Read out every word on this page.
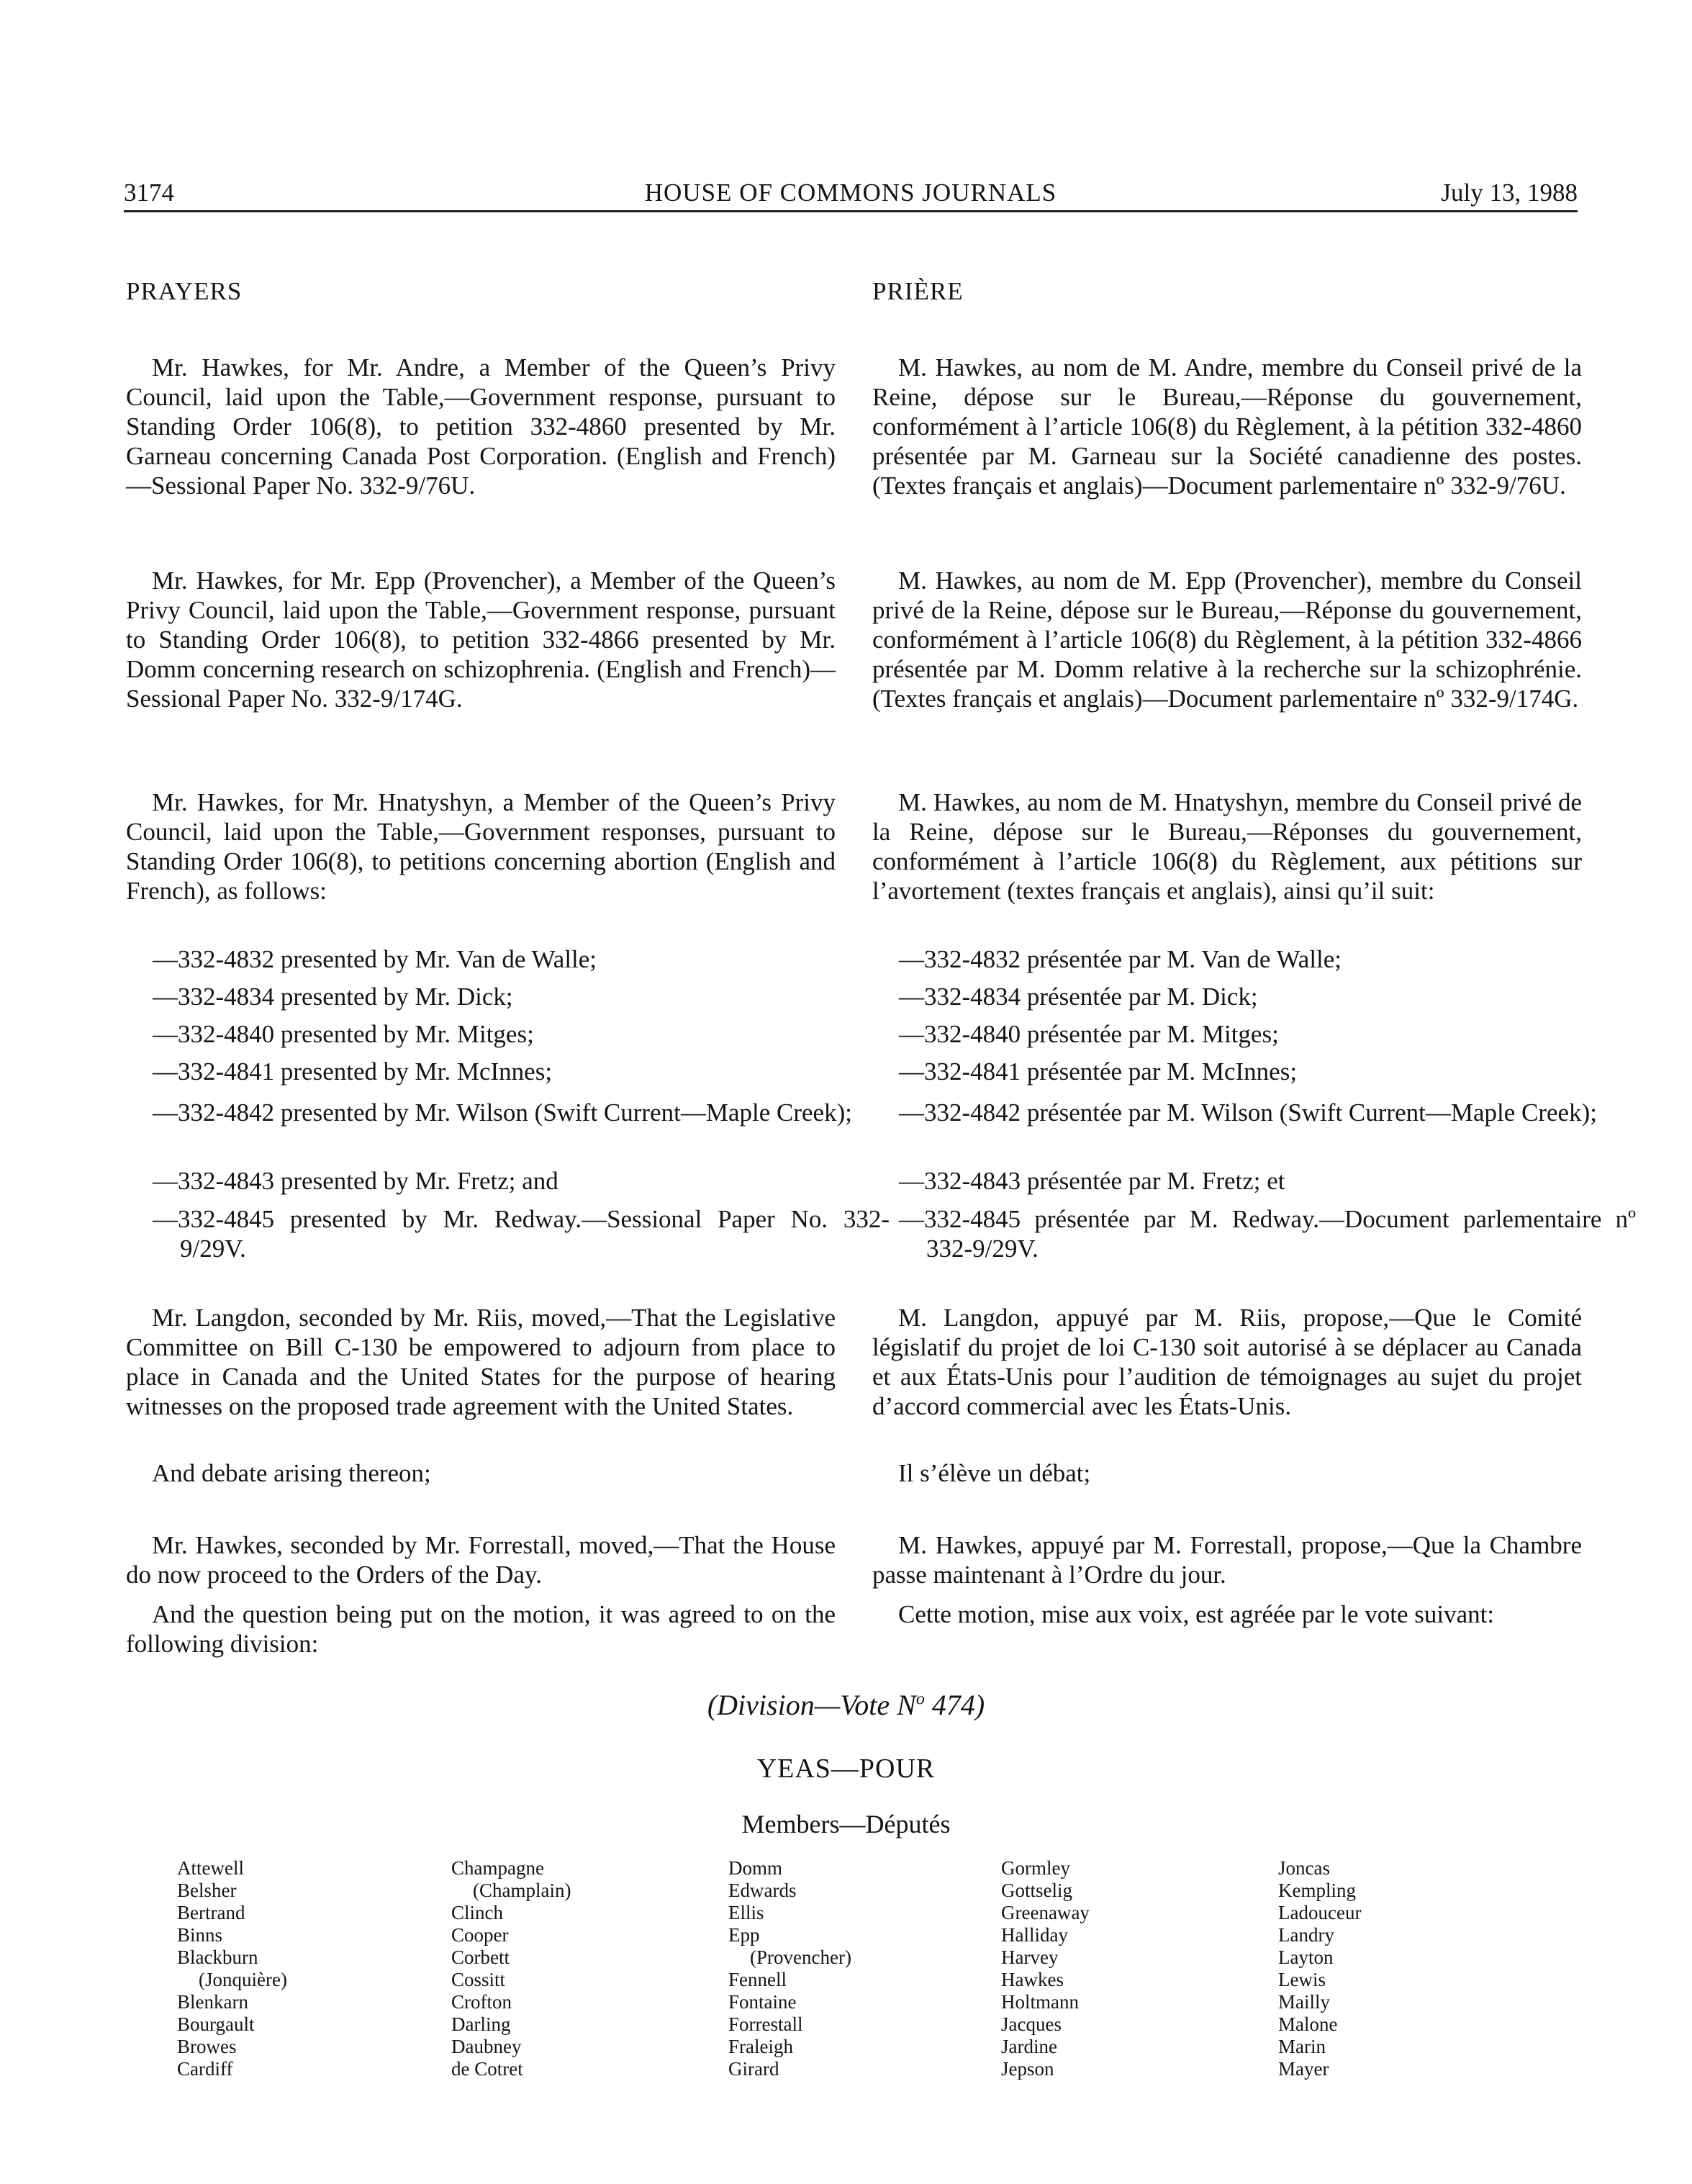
3174	HOUSE OF COMMONS JOURNALS	July 13, 1988
PRAYERS
Mr. Hawkes, for Mr. Andre, a Member of the Queen’s Privy Council, laid upon the Table,—Government response, pursuant to Standing Order 106(8), to petition 332-4860 presented by Mr. Garneau concerning Canada Post Corporation. (English and French)—Sessional Paper No. 332-9/76U.
Mr. Hawkes, for Mr. Epp (Provencher), a Member of the Queen’s Privy Council, laid upon the Table,—Government response, pursuant to Standing Order 106(8), to petition 332-4866 presented by Mr. Domm concerning research on schizophrenia. (English and French)—Sessional Paper No. 332-9/174G.
Mr. Hawkes, for Mr. Hnatyshyn, a Member of the Queen’s Privy Council, laid upon the Table,—Government responses, pursuant to Standing Order 106(8), to petitions concerning abortion (English and French), as follows:
—332-4832 presented by Mr. Van de Walle;
—332-4834 presented by Mr. Dick;
—332-4840 presented by Mr. Mitges;
—332-4841 presented by Mr. McInnes;
—332-4842 presented by Mr. Wilson (Swift Current—Maple Creek);
—332-4843 presented by Mr. Fretz; and
—332-4845 presented by Mr. Redway.—Sessional Paper No. 332-9/29V.
Mr. Langdon, seconded by Mr. Riis, moved,—That the Legislative Committee on Bill C-130 be empowered to adjourn from place to place in Canada and the United States for the purpose of hearing witnesses on the proposed trade agreement with the United States.
And debate arising thereon;
Mr. Hawkes, seconded by Mr. Forrestall, moved,—That the House do now proceed to the Orders of the Day.
And the question being put on the motion, it was agreed to on the following division:
PRIÈRE
M. Hawkes, au nom de M. Andre, membre du Conseil privé de la Reine, dépose sur le Bureau,—Réponse du gouvernement, conformément à l’article 106(8) du Règlement, à la pétition 332-4860 présentée par M. Garneau sur la Société canadienne des postes. (Textes français et anglais)—Document parlementaire nº 332-9/76U.
M. Hawkes, au nom de M. Epp (Provencher), membre du Conseil privé de la Reine, dépose sur le Bureau,—Réponse du gouvernement, conformément à l’article 106(8) du Règlement, à la pétition 332-4866 présentée par M. Domm relative à la recherche sur la schizophrénie. (Textes français et anglais)—Document parlementaire nº 332-9/174G.
M. Hawkes, au nom de M. Hnatyshyn, membre du Conseil privé de la Reine, dépose sur le Bureau,—Réponses du gouvernement, conformément à l’article 106(8) du Règlement, aux pétitions sur l’avortement (textes français et anglais), ainsi qu’il suit:
—332-4832 présentée par M. Van de Walle;
—332-4834 présentée par M. Dick;
—332-4840 présentée par M. Mitges;
—332-4841 présentée par M. McInnes;
—332-4842 présentée par M. Wilson (Swift Current—Maple Creek);
—332-4843 présentée par M. Fretz; et
—332-4845 présentée par M. Redway.—Document parlementaire nº 332-9/29V.
M. Langdon, appuyé par M. Riis, propose,—Que le Comité législatif du projet de loi C-130 soit autorisé à se déplacer au Canada et aux États-Unis pour l’audition de témoignages au sujet du projet d’accord commercial avec les États-Unis.
Il s’élève un débat;
M. Hawkes, appuyé par M. Forrestall, propose,—Que la Chambre passe maintenant à l’Ordre du jour.
Cette motion, mise aux voix, est agréée par le vote suivant:
(Division—Vote $N^o$ 474)
YEAS—POUR
Members—Députés
Attewell
Belsher
Bertrand
Binns
Blackburn
(Jonquière)
Blenkarn
Bourgault
Browes
Cardiff
Champagne
(Champlain)
Clinch
Cooper
Corbett
Cossitt
Crofton
Darling
Daubney
de Cotret
Domm
Edwards
Ellis
Epp
(Provencher)
Fennell
Fontaine
Forrestall
Fraleigh
Girard
Gormley
Gottselig
Greenaway
Halliday
Harvey
Hawkes
Holtmann
Jacques
Jardine
Jepson
Joncas
Kempling
Ladouceur
Landry
Layton
Lewis
Mailly
Malone
Marin
Mayer
